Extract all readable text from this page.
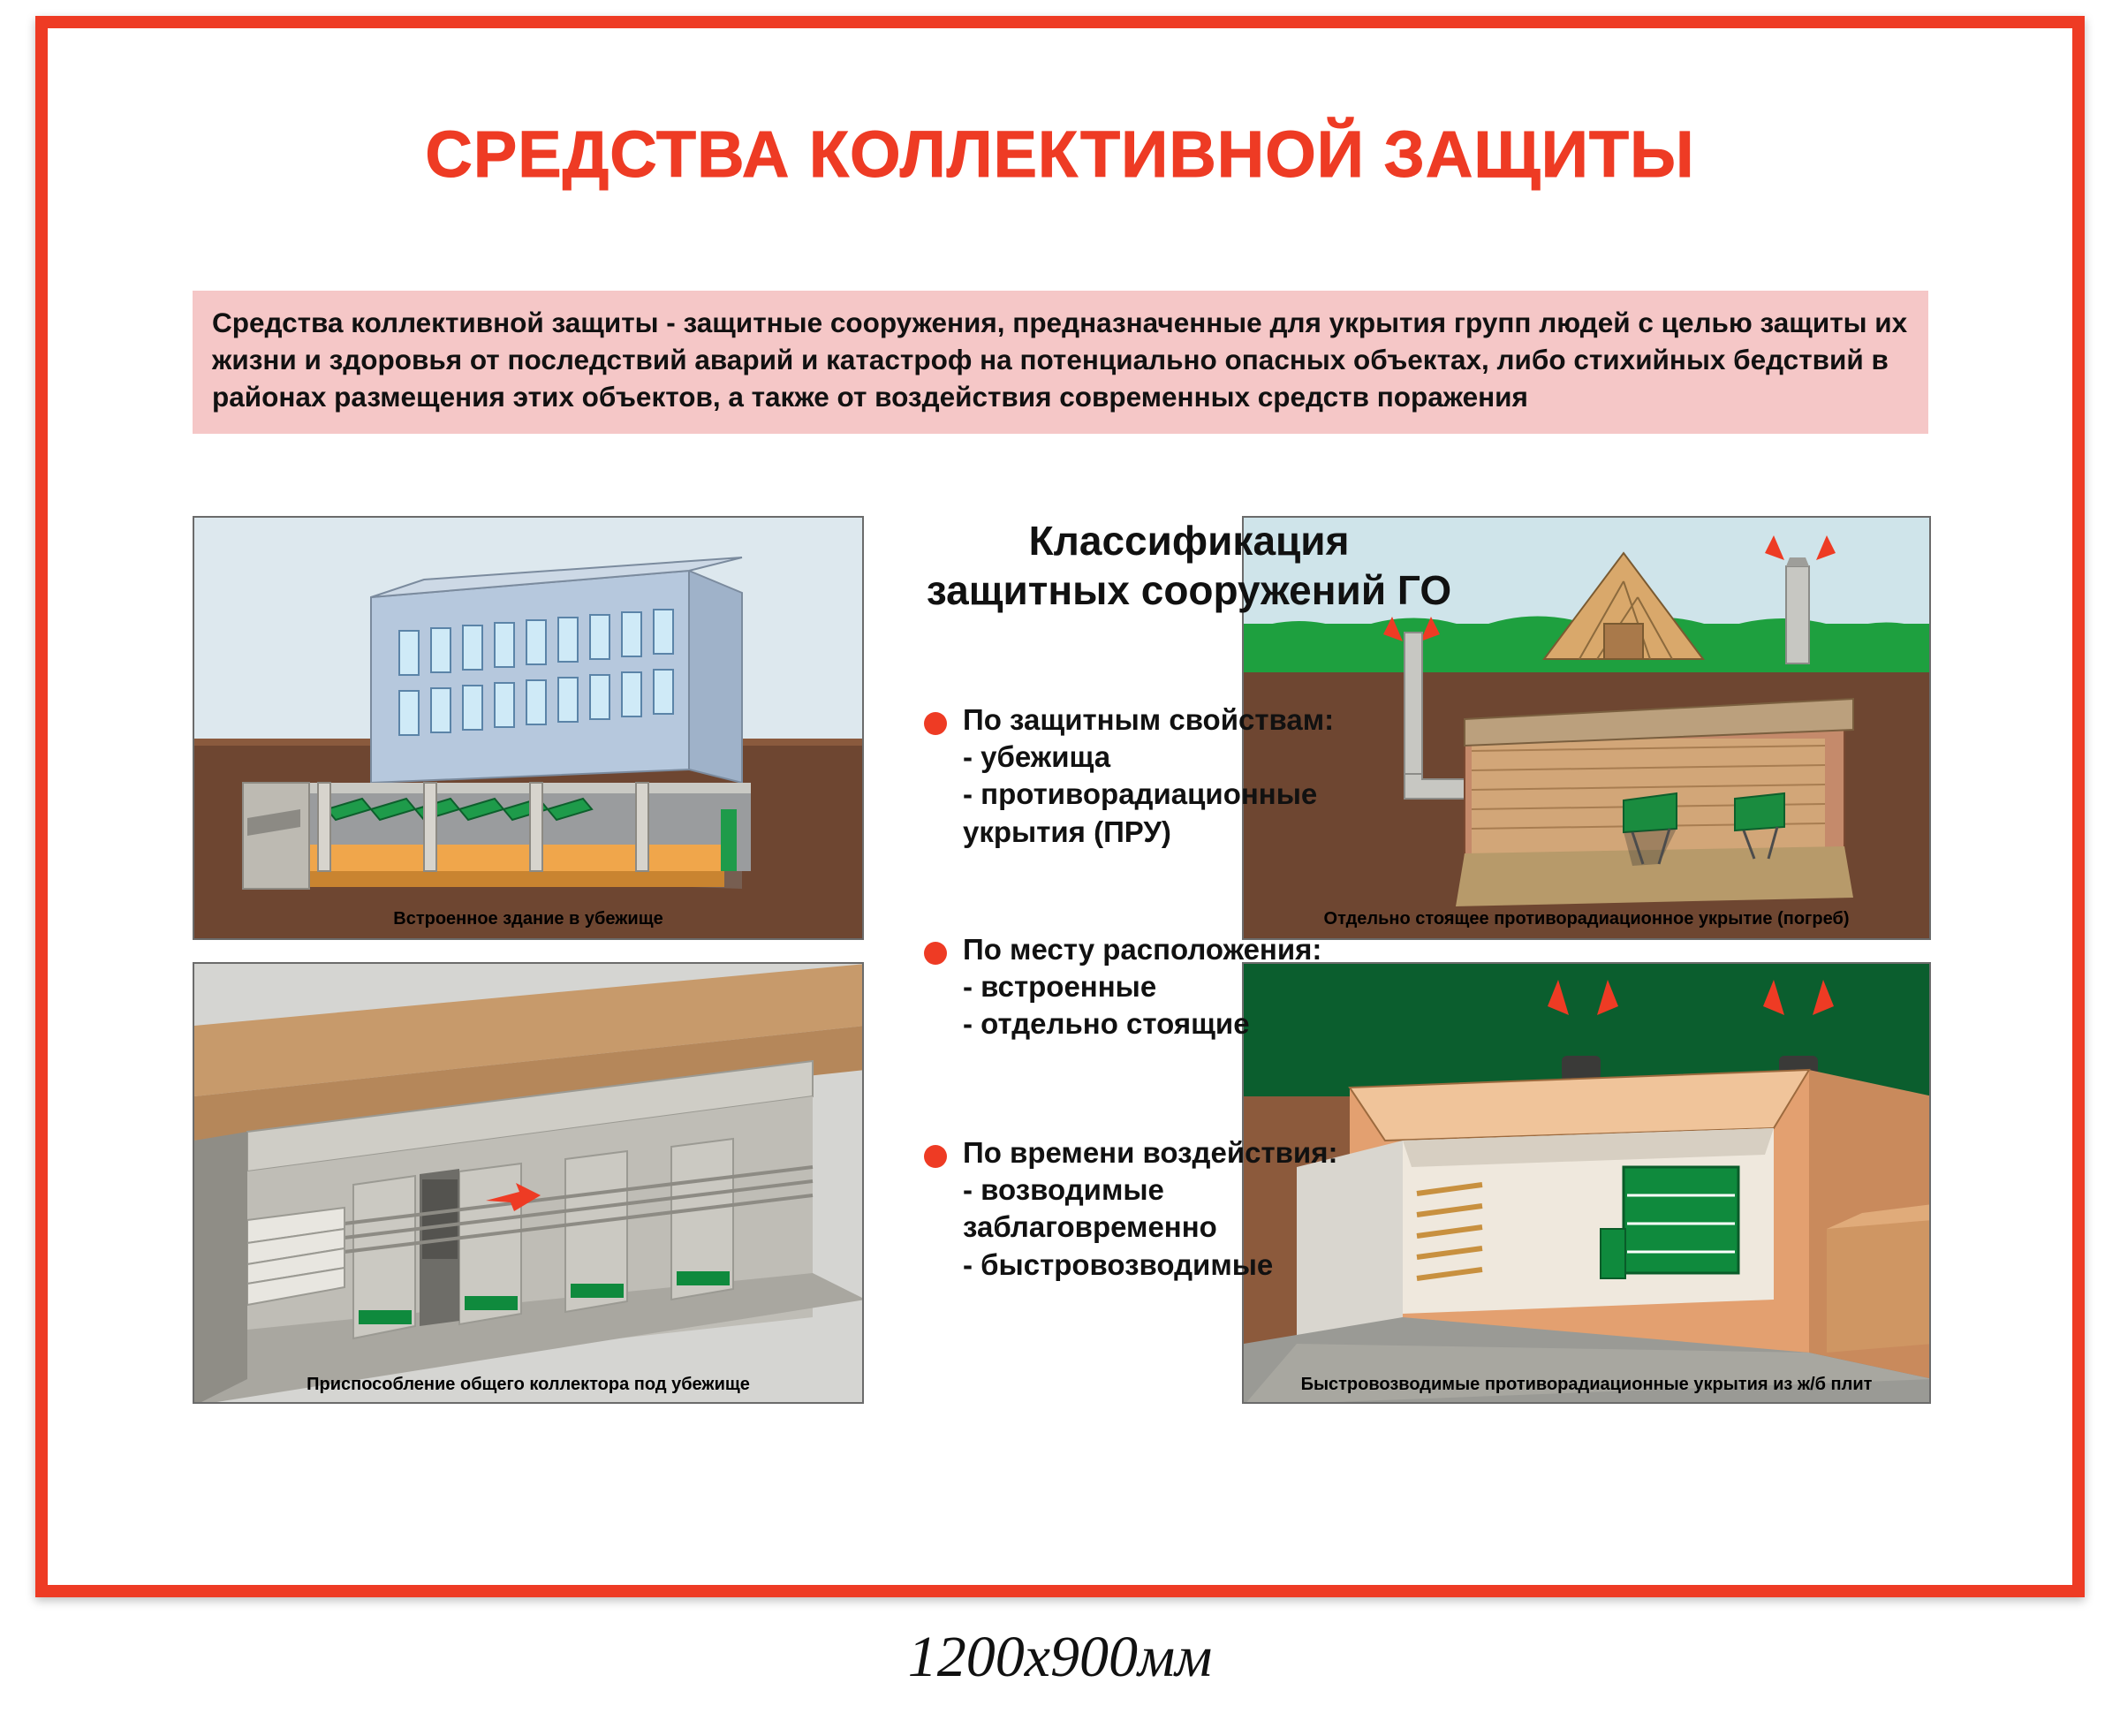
СРЕДСТВА КОЛЛЕКТИВНОЙ ЗАЩИТЫ
Средства коллективной защиты - защитные сооружения, предназначенные для укрытия групп людей с целью защиты их жизни и здоровья от последствий аварий и катастроф на потенциально опасных объектах, либо стихийных бедствий в районах размещения этих объектов, а также от воздействия современных средств поражения
Встроенное здание в убежище	Отдельно стоящее противорадиационное укрытие (погреб)
Приспособление общего коллектора под убежище	Быстровозводимые противорадиационные укрытия из ж/б плит
Классификация защитных сооружений ГО
По защитным свойствам:
- убежища
- противорадиационные укрытия (ПРУ)
По месту расположения:
- встроенные
- отдельно стоящие
По времени воздействия:
- возводимые заблаговременно
- быстровозводимые
1200х900мм
